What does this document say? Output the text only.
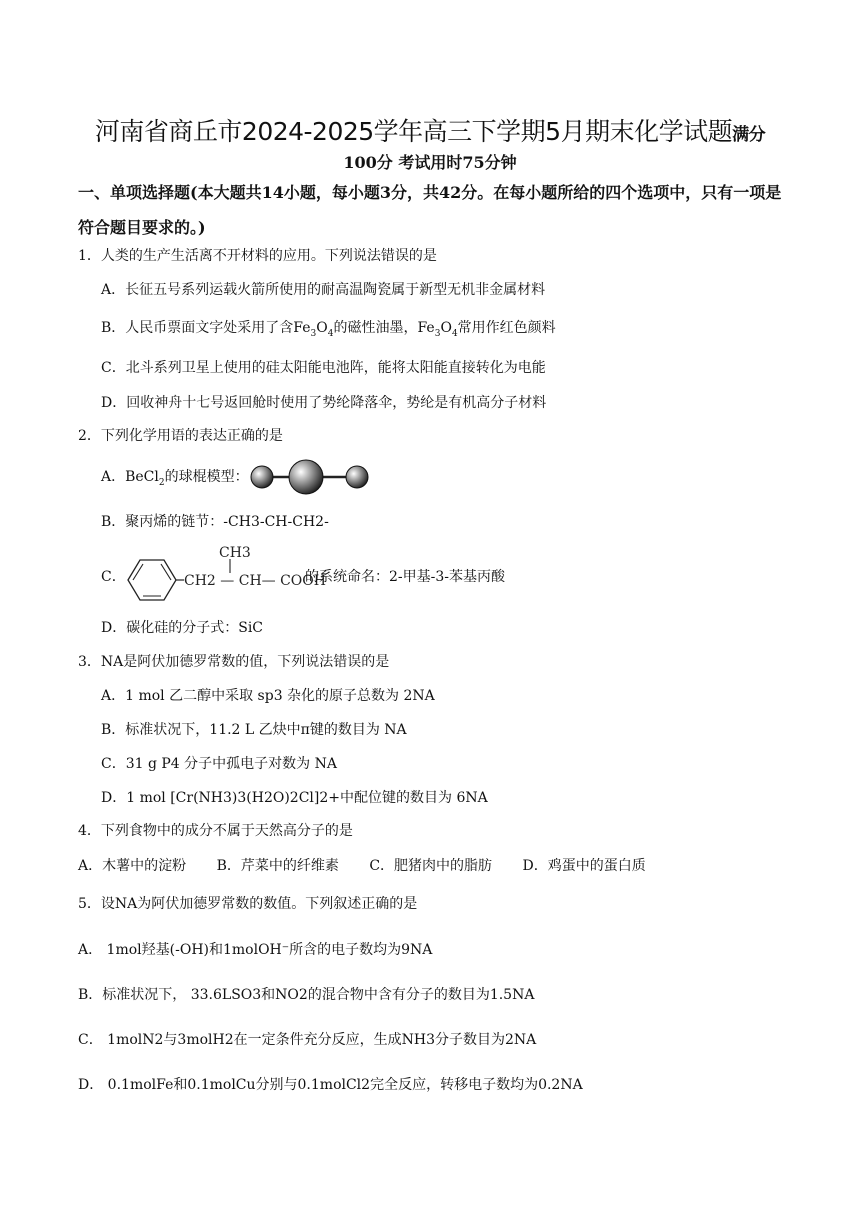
河南省商丘市2024-2025学年高三下学期5月期末化学试题满分
100分 考试用时75分钟
一、单项选择题(本大题共14小题，每小题3分，共42分。在每小题所给的四个选项中，只有一项是符合题目要求的。)
1．人类的生产生活离不开材料的应用。下列说法错误的是
A．长征五号系列运载火箭所使用的耐高温陶瓷属于新型无机非金属材料
B．人民币票面文字处采用了含$Fe_3O_4$的磁性油墨，$Fe_3O_4$常用作红色颜料
C．北斗系列卫星上使用的硅太阳能电池阵，能将太阳能直接转化为电能
D．回收神舟十七号返回舱时使用了势纶降落伞，势纶是有机高分子材料
2．下列化学用语的表达正确的是
A．BeCl$_2$的球棍模型：
B．聚丙烯的链节：-CH3-CH-CH2-
C．
CH3
CH2 — CH— COOH
的系统命名：2-甲基-3-苯基丙酸
D．碳化硅的分子式：SiC
3．NA是阿伏加德罗常数的值，下列说法错误的是
A．1 mol 乙二醇中采取 sp3 杂化的原子总数为 2NA
B．标准状况下，11.2 L 乙炔中π键的数目为 NA
C．31 g P4 分子中孤电子对数为 NA
D．1 mol [Cr(NH3)3(H2O)2Cl]2+中配位键的数目为 6NA
4．下列食物中的成分不属于天然高分子的是
A．木薯中的淀粉 B．芹菜中的纤维素 C．肥猪肉中的脂肪 D．鸡蛋中的蛋白质
5．设NA为阿伏加德罗常数的数值。下列叙述正确的是
A． 1mol羟基(-OH)和1molOH⁻所含的电子数均为9NA
B．标准状况下， 33.6LSO3和NO2的混合物中含有分子的数目为1.5NA
C． 1molN2与3molH2在一定条件充分反应，生成NH3分子数目为2NA
D． 0.1molFe和0.1molCu分别与0.1molCl2完全反应，转移电子数均为0.2NA
